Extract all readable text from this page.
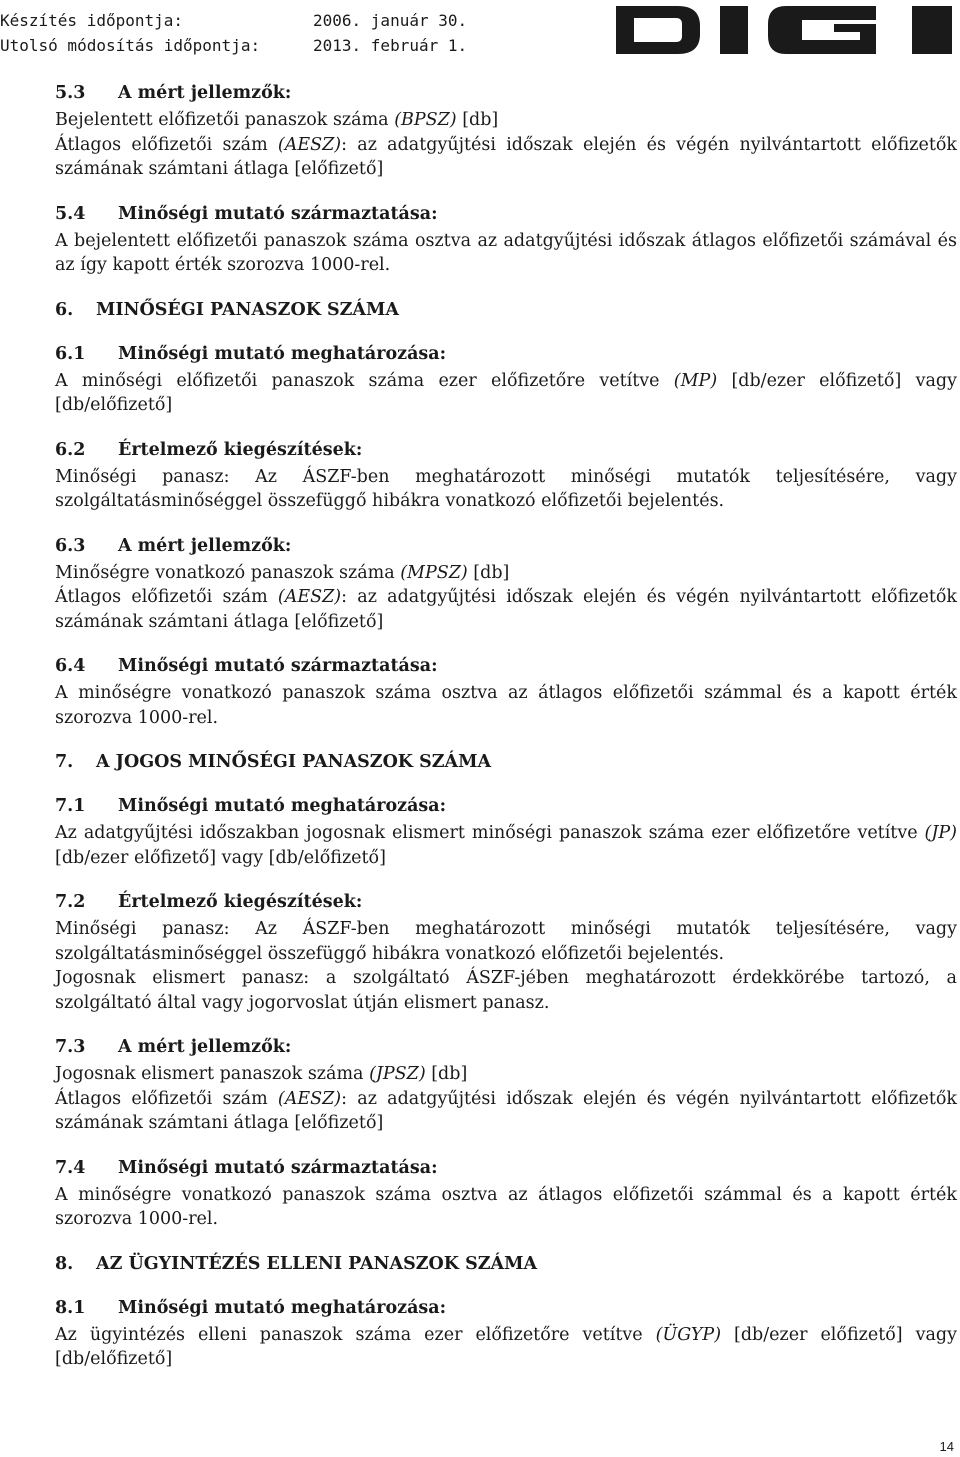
Készítés időpontja:	2006. január 30.
Utolsó módosítás időpontja:	2013. február 1.
5.3	A mért jellemzők:
Bejelentett előfizetői panaszok száma (BPSZ) [db]
Átlagos előfizetői szám (AESZ): az adatgyűjtési időszak elején és végén nyilvántartott előfizetők számának számtani átlaga [előfizető]
5.4	Minőségi mutató származtatása:
A bejelentett előfizetői panaszok száma osztva az adatgyűjtési időszak átlagos előfizetői számával és az így kapott érték szorozva 1000-rel.
6.	MINŐSÉGI PANASZOK SZÁMA
6.1	Minőségi mutató meghatározása:
A minőségi előfizetői panaszok száma ezer előfizetőre vetítve (MP) [db/ezer előfizető] vagy [db/előfizető]
6.2	Értelmező kiegészítések:
Minőségi panasz: Az ÁSZF-ben meghatározott minőségi mutatók teljesítésére, vagy szolgáltatásminőséggel összefüggő hibákra vonatkozó előfizetői bejelentés.
6.3	A mért jellemzők:
Minőségre vonatkozó panaszok száma (MPSZ) [db]
Átlagos előfizetői szám (AESZ): az adatgyűjtési időszak elején és végén nyilvántartott előfizetők számának számtani átlaga [előfizető]
6.4	Minőségi mutató származtatása:
A minőségre vonatkozó panaszok száma osztva az átlagos előfizetői számmal és a kapott érték szorozva 1000-rel.
7.	A JOGOS MINŐSÉGI PANASZOK SZÁMA
7.1	Minőségi mutató meghatározása:
Az adatgyűjtési időszakban jogosnak elismert minőségi panaszok száma ezer előfizetőre vetítve (JP) [db/ezer előfizető] vagy [db/előfizető]
7.2	Értelmező kiegészítések:
Minőségi panasz: Az ÁSZF-ben meghatározott minőségi mutatók teljesítésére, vagy szolgáltatásminőséggel összefüggő hibákra vonatkozó előfizetői bejelentés.
Jogosnak elismert panasz: a szolgáltató ÁSZF-jében meghatározott érdekkörébe tartozó, a szolgáltató által vagy jogorvoslat útján elismert panasz.
7.3	A mért jellemzők:
Jogosnak elismert panaszok száma (JPSZ) [db]
Átlagos előfizetői szám (AESZ): az adatgyűjtési időszak elején és végén nyilvántartott előfizetők számának számtani átlaga [előfizető]
7.4	Minőségi mutató származtatása:
A minőségre vonatkozó panaszok száma osztva az átlagos előfizetői számmal és a kapott érték szorozva 1000-rel.
8.	AZ ÜGYINTÉZÉS ELLENI PANASZOK SZÁMA
8.1	Minőségi mutató meghatározása:
Az ügyintézés elleni panaszok száma ezer előfizetőre vetítve (ÜGYP) [db/ezer előfizető] vagy [db/előfizető]
14
